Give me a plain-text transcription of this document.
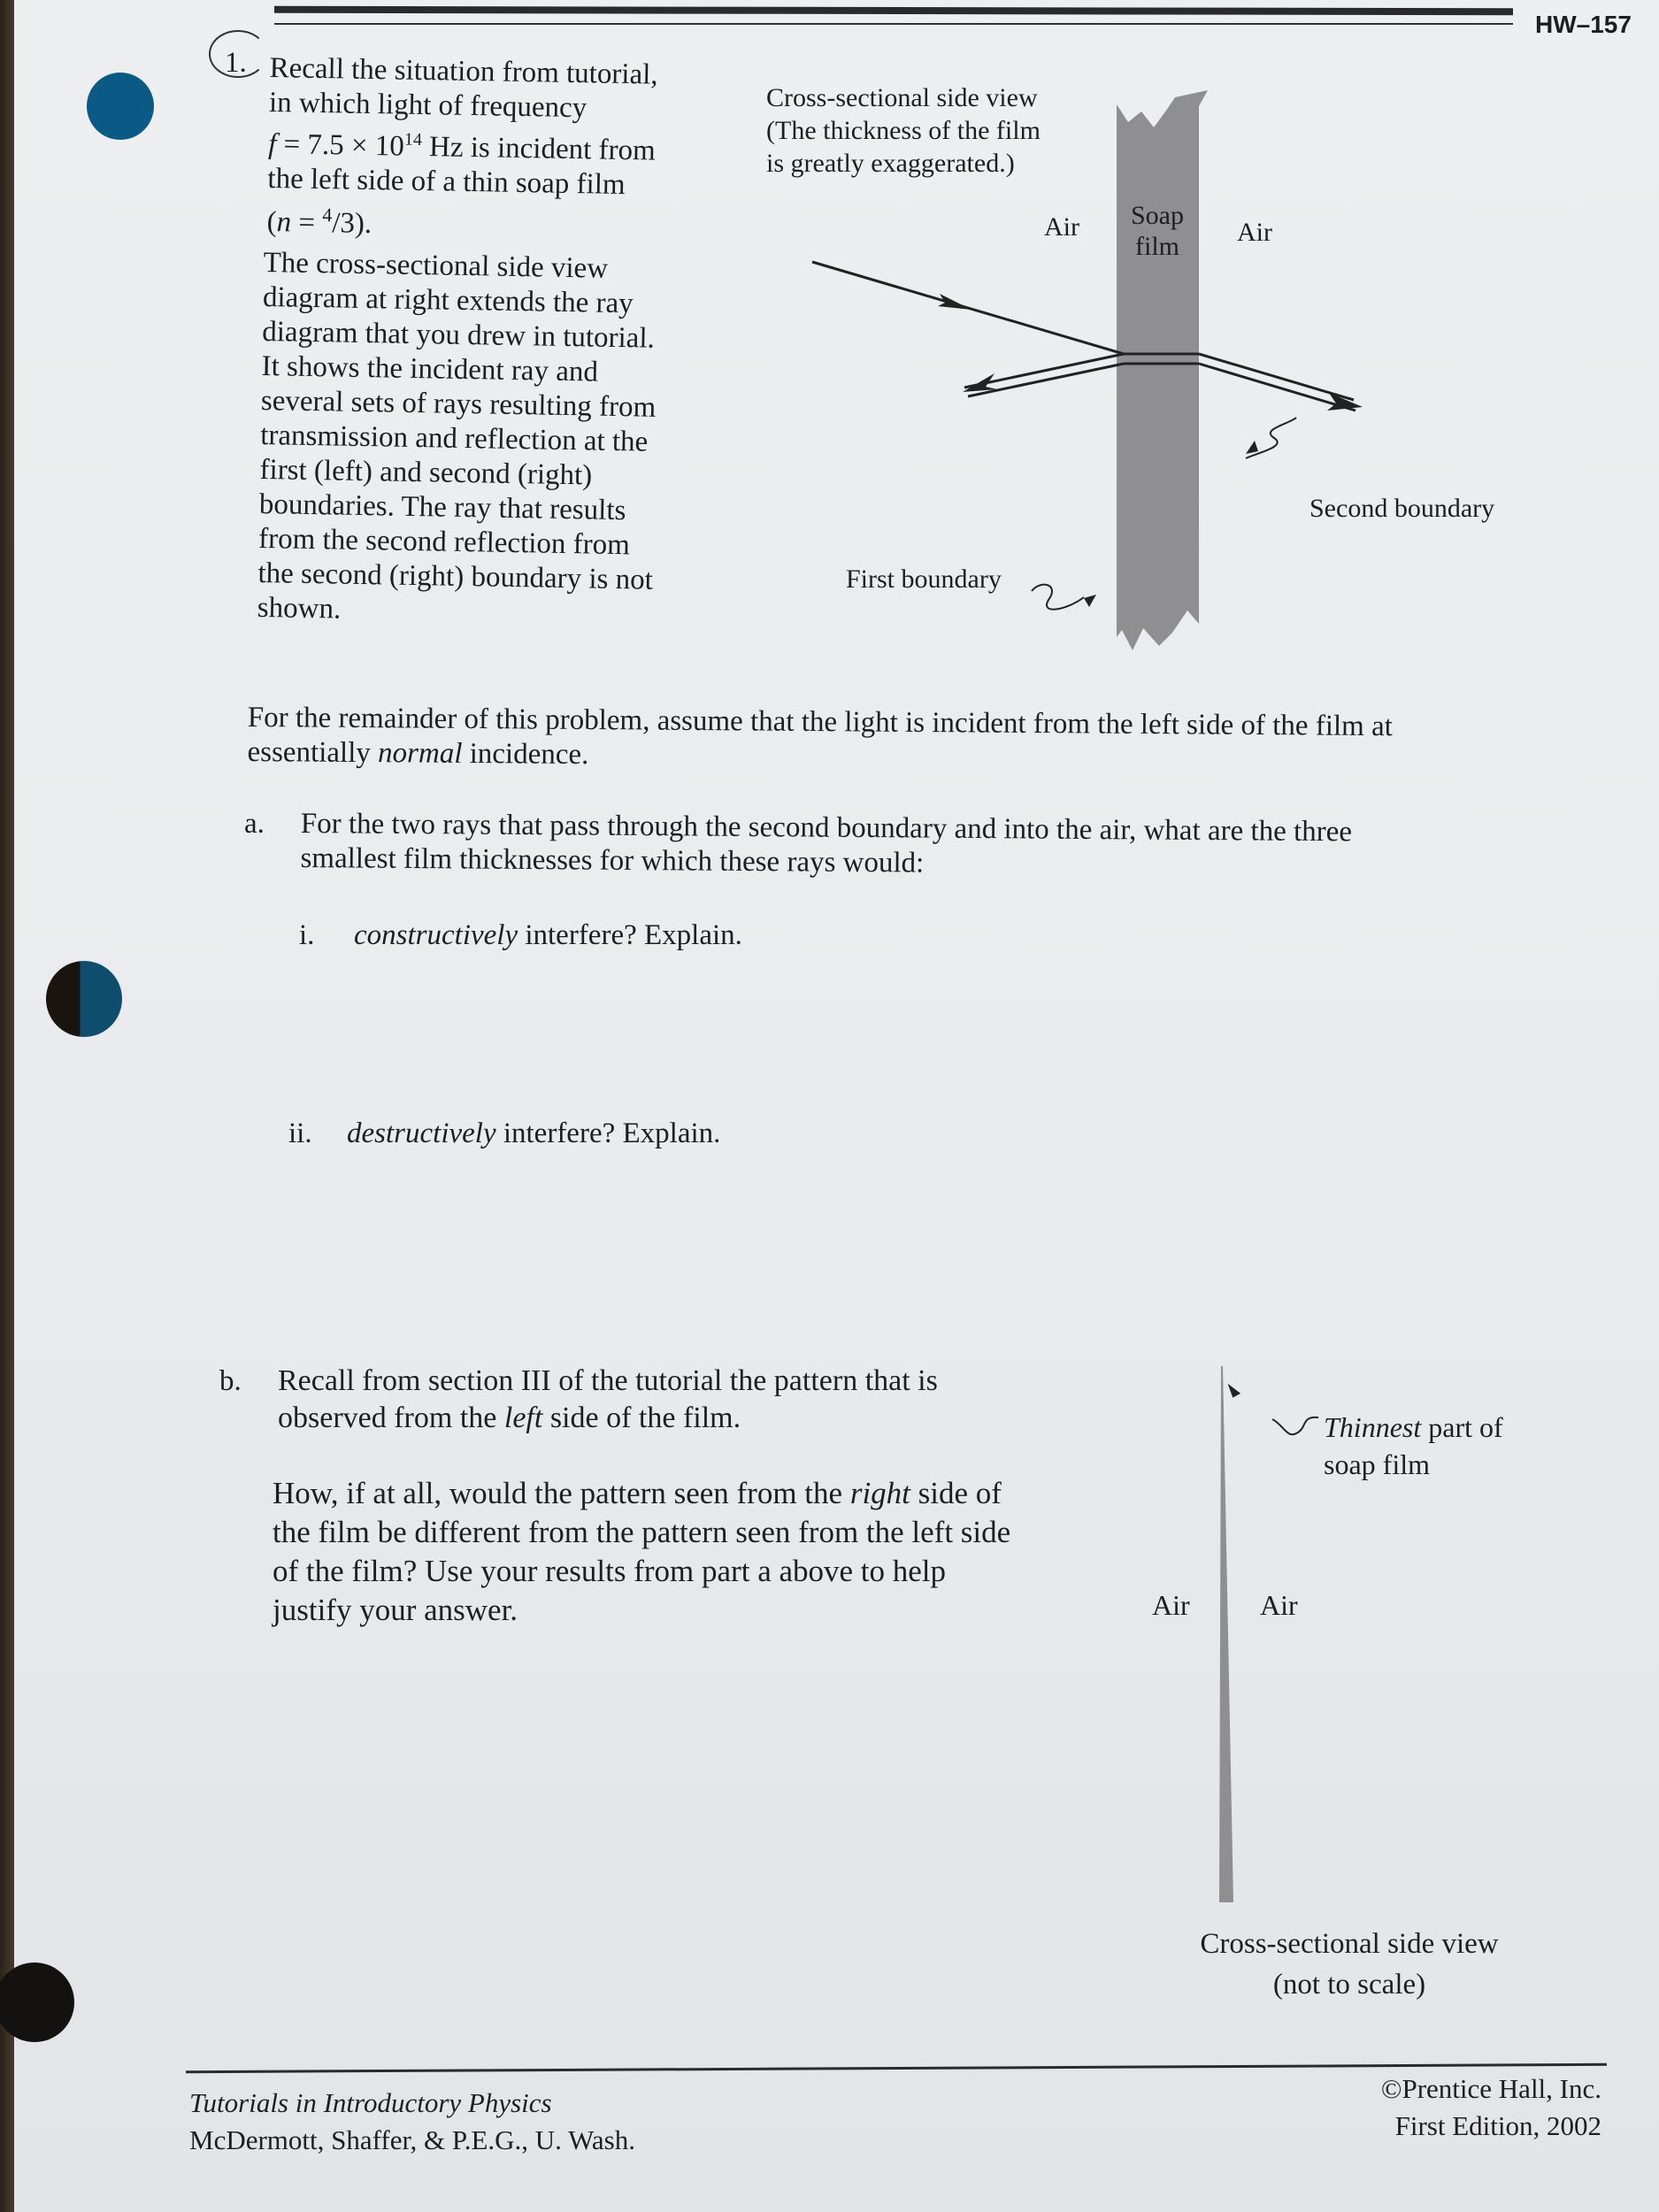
HW–157
1. Recall the situation from tutorial,
in which light of frequency
$f = 7.5 \times 10^{14}$ Hz is incident from
the left side of a thin soap film
(n = $^4$/3).
The cross-sectional side view
diagram at right extends the ray
diagram that you drew in tutorial.
It shows the incident ray and
several sets of rays resulting from
transmission and reflection at the
first (left) and second (right)
boundaries. The ray that results
from the second reflection from
the second (right) boundary is not
shown.
Cross-sectional side view
(The thickness of the film
is greatly exaggerated.)
Air Soap
film Air
Second boundary
First boundary
For the remainder of this problem, assume that the light is incident from the left side of the film at
essentially normal incidence.
a. For the two rays that pass through the second boundary and into the air, what are the three
smallest film thicknesses for which these rays would:
i. constructively interfere? Explain.
ii. destructively interfere? Explain.
b. Recall from section III of the tutorial the pattern that is
observed from the left side of the film.
How, if at all, would the pattern seen from the right side of
the film be different from the pattern seen from the left side
of the film? Use your results from part a above to help
justify your answer.
Thinnest part of
soap film
Air Air
Cross-sectional side view
(not to scale)
Tutorials in Introductory Physics
McDermott, Shaffer, & P.E.G., U. Wash.
©Prentice Hall, Inc.
First Edition, 2002
